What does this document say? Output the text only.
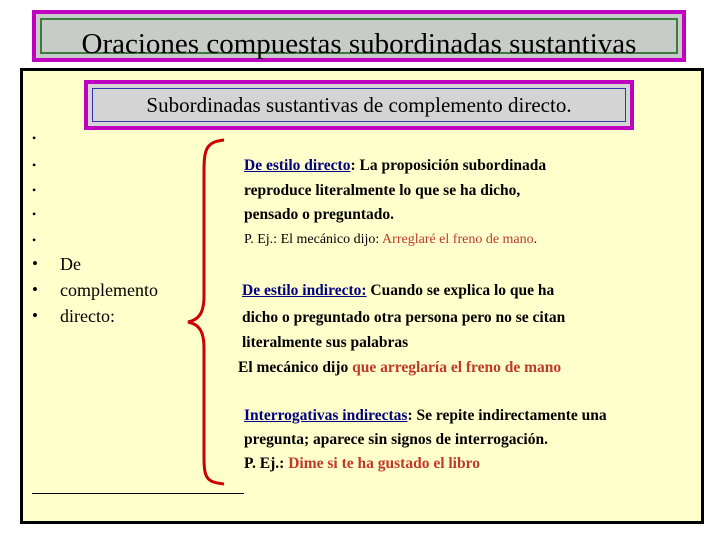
Oraciones compuestas subordinadas sustantivas
Subordinadas sustantivas de complemento directo.
•
•
•
•
•
•
•
•
De
complemento
directo:
De estilo directo: La proposición subordinada
reproduce literalmente lo que se ha dicho,
pensado o preguntado.
P. Ej.: El mecánico dijo: Arreglaré el freno de mano.
De estilo indirecto: Cuando se explica lo que ha
dicho o preguntado otra persona pero no se citan
literalmente sus palabras
El mecánico dijo que arreglaría el freno de mano
Interrogativas indirectas: Se repite indirectamente una
pregunta; aparece sin signos de interrogación.
P. Ej.: Dime si te ha gustado el libro
